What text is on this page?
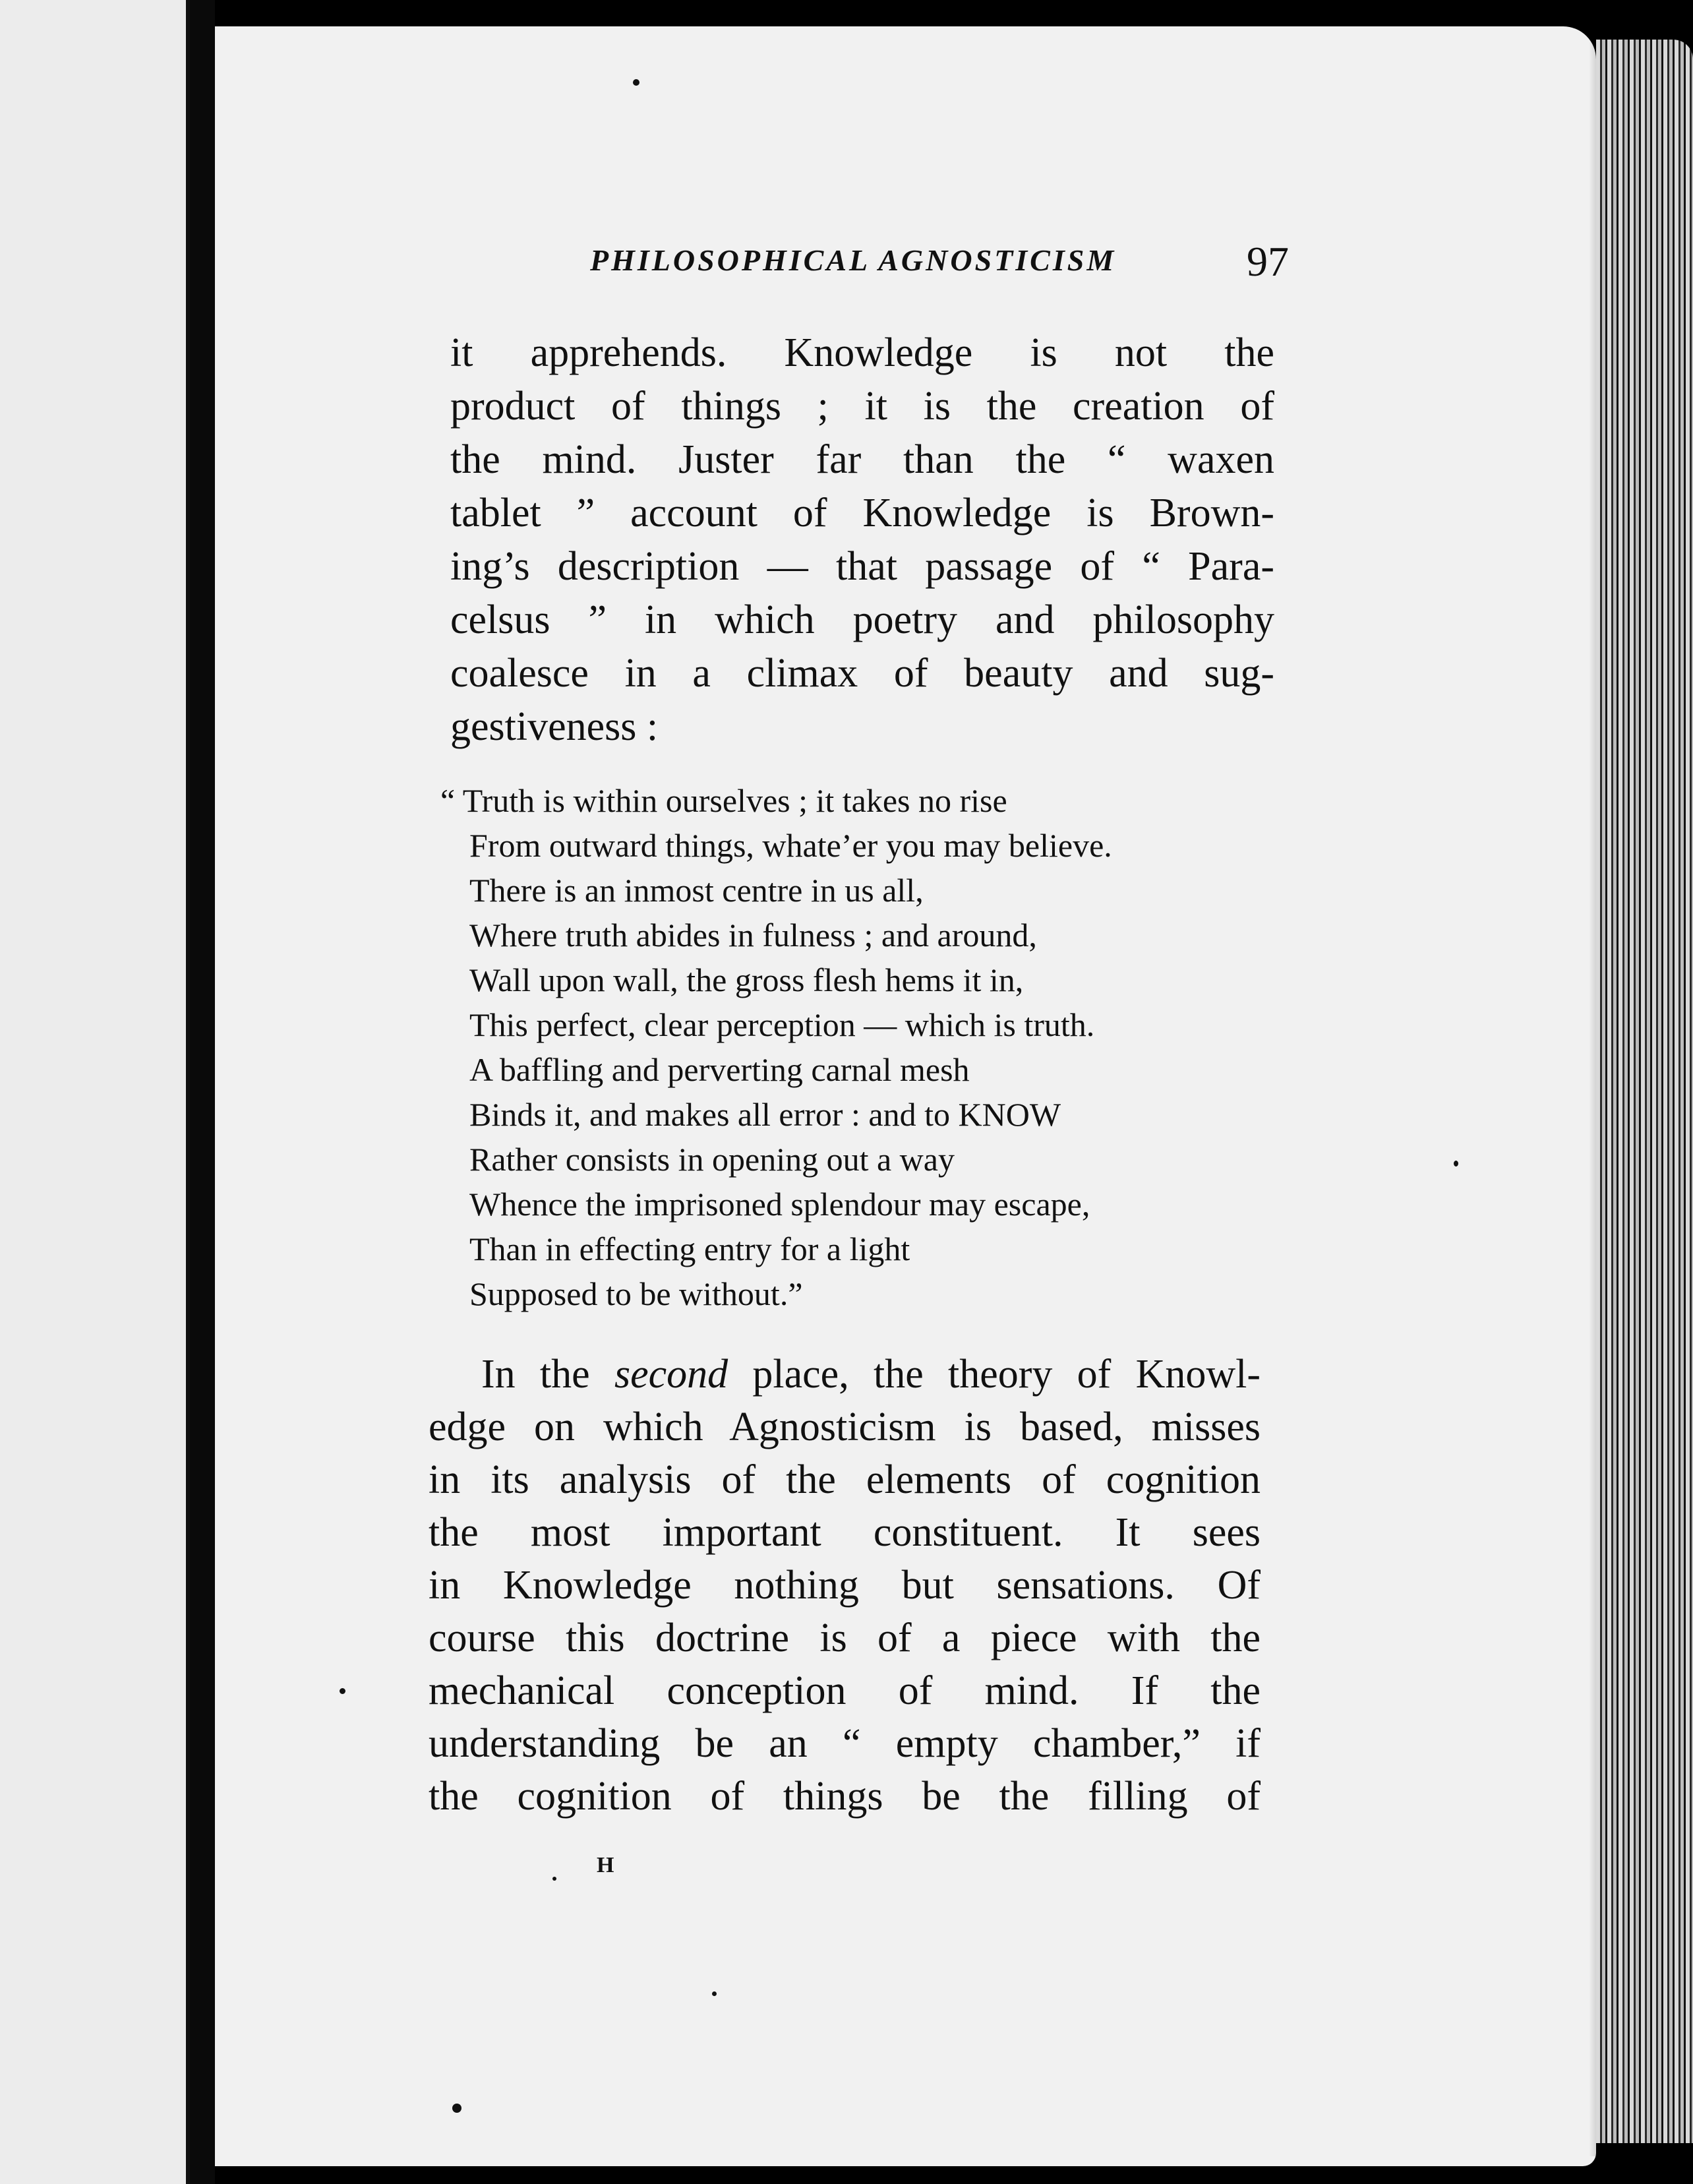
PHILOSOPHICAL AGNOSTICISM	97
it apprehends. Knowledge is not the
product of things ; it is the creation of
the mind. Juster far than the “ waxen
tablet ” account of Knowledge is Brown-
ing’s description — that passage of “ Para-
celsus ” in which poetry and philosophy
coalesce in a climax of beauty and sug-
gestiveness :
“ Truth is within ourselves ; it takes no rise
From outward things, whate’er you may believe.
There is an inmost centre in us all,
Where truth abides in fulness ; and around,
Wall upon wall, the gross flesh hems it in,
This perfect, clear perception — which is truth.
A baffling and perverting carnal mesh
Binds it, and makes all error : and to KNOW
Rather consists in opening out a way
Whence the imprisoned splendour may escape,
Than in effecting entry for a light
Supposed to be without.”
In the second place, the theory of Knowl-
edge on which Agnosticism is based, misses
in its analysis of the elements of cognition
the most important constituent. It sees
in Knowledge nothing but sensations. Of
course this doctrine is of a piece with the
mechanical conception of mind. If the
understanding be an “ empty chamber,” if
the cognition of things be the filling of
H
